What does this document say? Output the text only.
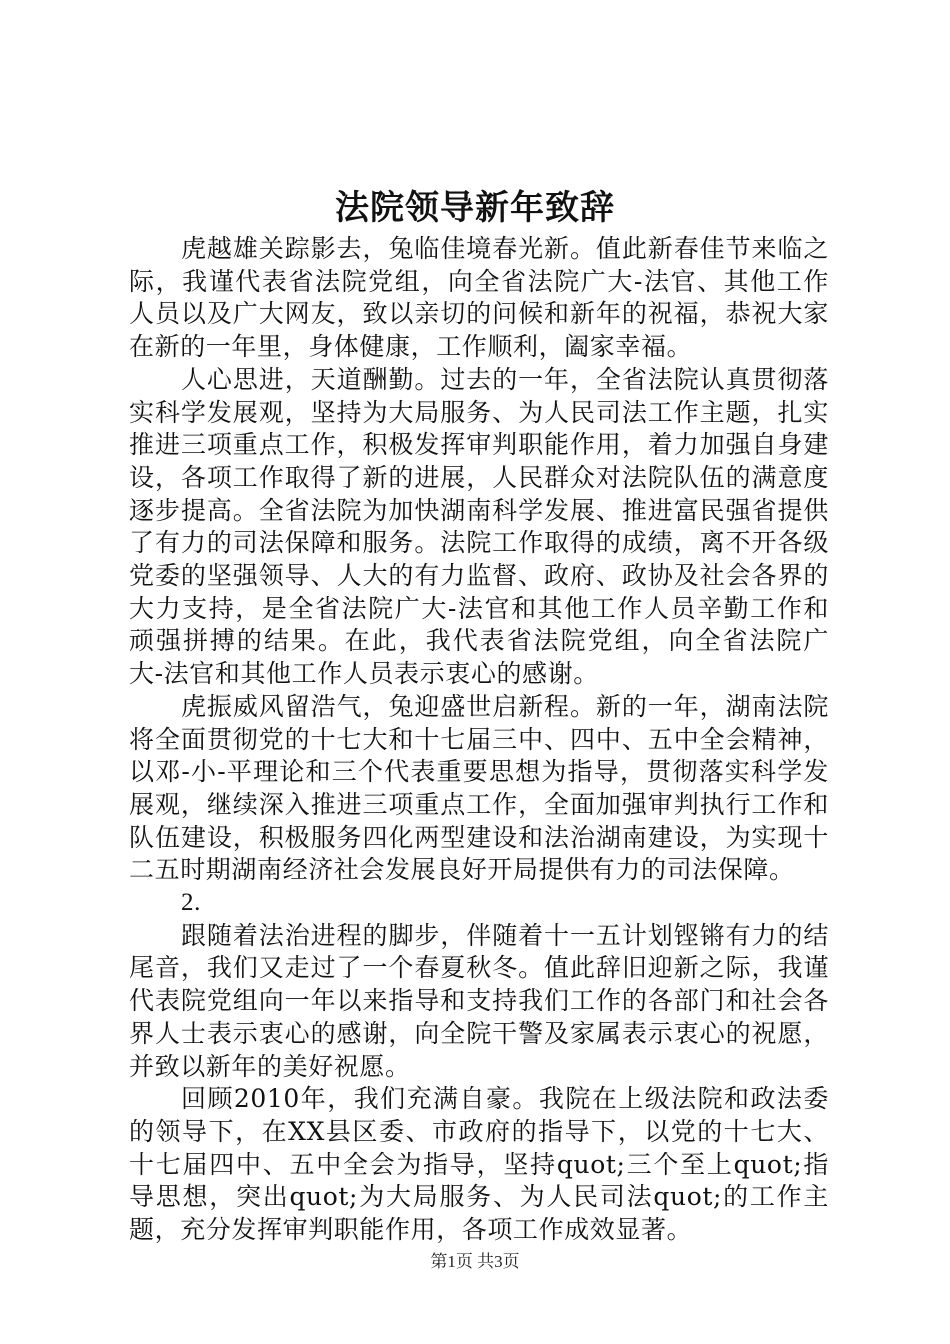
法院领导新年致辞

虎越雄关踪影去，兔临佳境春光新。值此新春佳节来临之际，我谨代表省法院党组，向全省法院广大-法官、其他工作人员以及广大网友，致以亲切的问候和新年的祝福，恭祝大家在新的一年里，身体健康，工作顺利，阖家幸福。

人心思进，天道酬勤。过去的一年，全省法院认真贯彻落实科学发展观，坚持为大局服务、为人民司法工作主题，扎实推进三项重点工作，积极发挥审判职能作用，着力加强自身建设，各项工作取得了新的进展，人民群众对法院队伍的满意度逐步提高。全省法院为加快湖南科学发展、推进富民强省提供了有力的司法保障和服务。法院工作取得的成绩，离不开各级党委的坚强领导、人大的有力监督、政府、政协及社会各界的大力支持，是全省法院广大-法官和其他工作人员辛勤工作和顽强拼搏的结果。在此，我代表省法院党组，向全省法院广大-法官和其他工作人员表示衷心的感谢。

虎振威风留浩气，兔迎盛世启新程。新的一年，湖南法院将全面贯彻党的十七大和十七届三中、四中、五中全会精神，以邓-小-平理论和三个代表重要思想为指导，贯彻落实科学发展观，继续深入推进三项重点工作，全面加强审判执行工作和队伍建设，积极服务四化两型建设和法治湖南建设，为实现十二五时期湖南经济社会发展良好开局提供有力的司法保障。

2.

跟随着法治进程的脚步，伴随着十一五计划铿锵有力的结尾音，我们又走过了一个春夏秋冬。值此辞旧迎新之际，我谨代表院党组向一年以来指导和支持我们工作的各部门和社会各界人士表示衷心的感谢，向全院干警及家属表示衷心的祝愿，并致以新年的美好祝愿。

回顾2010年，我们充满自豪。我院在上级法院和政法委的领导下，在XX县区委、市政府的指导下，以党的十七大、十七届四中、五中全会为指导，坚持quot;三个至上quot;指导思想，突出quot;为大局服务、为人民司法quot;的工作主题，充分发挥审判职能作用，各项工作成效显著。

第1页 共3页
